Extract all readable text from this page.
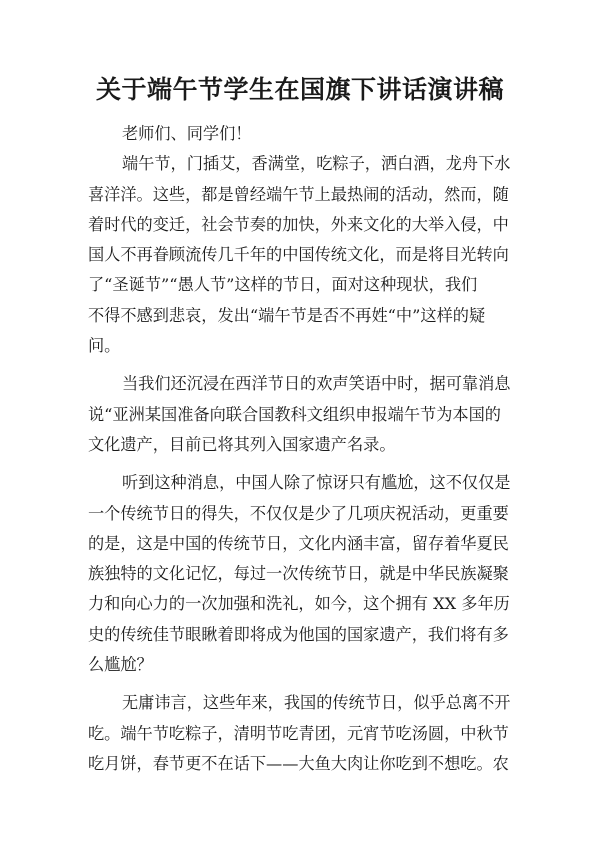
关于端午节学生在国旗下讲话演讲稿
老师们、同学们！
端午节，门插艾，香满堂，吃粽子，洒白酒，龙舟下水
喜洋洋。这些，都是曾经端午节上最热闹的活动，然而，随
着时代的变迁，社会节奏的加快，外来文化的大举入侵，中
国人不再眷顾流传几千年的中国传统文化，而是将目光转向
了“圣诞节”“愚人节”这样的节日，面对这种现状，我们
不得不感到悲哀，发出“端午节是否不再姓“中”这样的疑
问。
当我们还沉浸在西洋节日的欢声笑语中时，据可靠消息
说“亚洲某国准备向联合国教科文组织申报端午节为本国的
文化遗产，目前已将其列入国家遗产名录。
听到这种消息，中国人除了惊讶只有尴尬，这不仅仅是
一个传统节日的得失，不仅仅是少了几项庆祝活动，更重要
的是，这是中国的传统节日，文化内涵丰富，留存着华夏民
族独特的文化记忆，每过一次传统节日，就是中华民族凝聚
力和向心力的一次加强和洗礼，如今，这个拥有 XX 多年历
史的传统佳节眼瞅着即将成为他国的国家遗产，我们将有多
么尴尬？
无庸讳言，这些年来，我国的传统节日，似乎总离不开
吃。端午节吃粽子，清明节吃青团，元宵节吃汤圆，中秋节
吃月饼，春节更不在话下——大鱼大肉让你吃到不想吃。农
